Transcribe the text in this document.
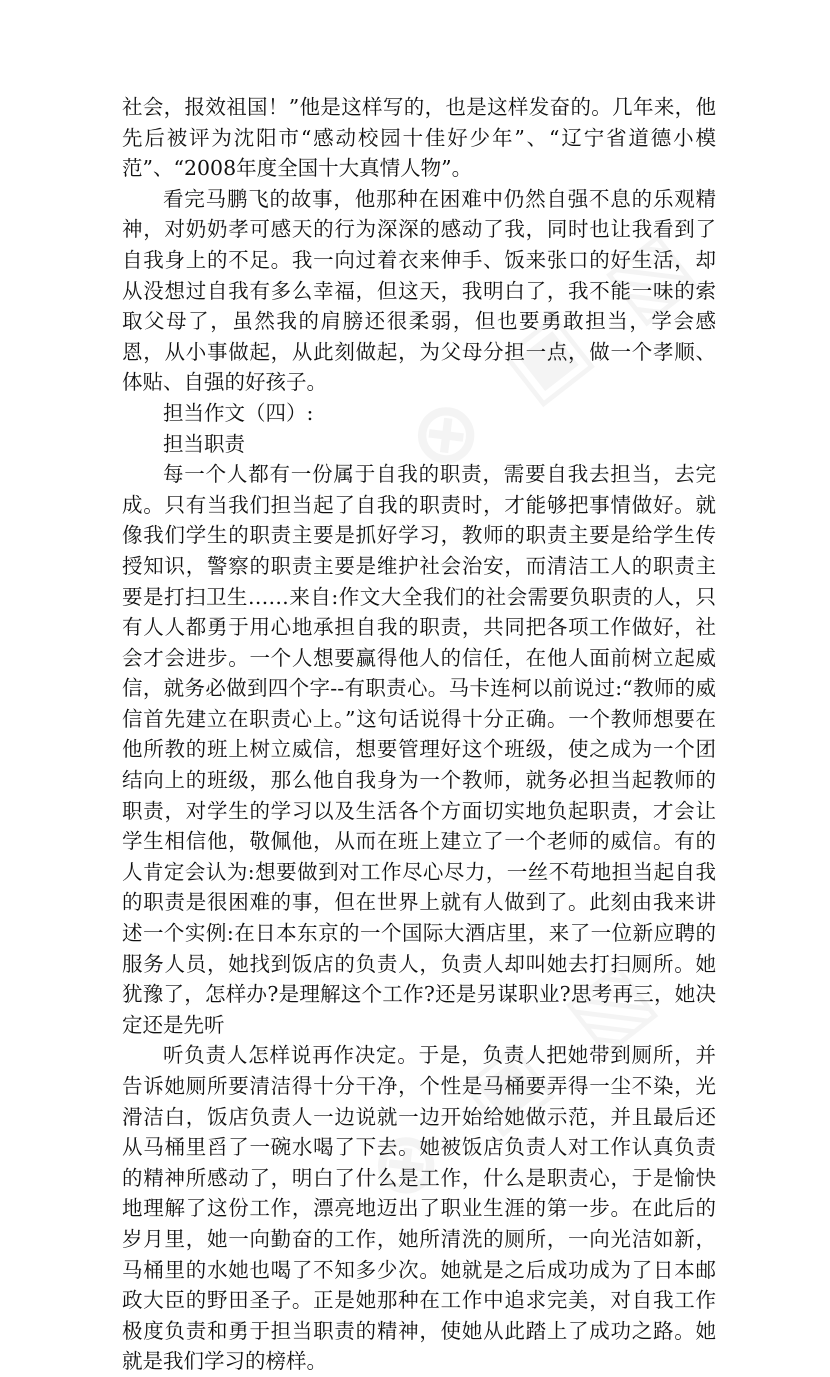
社会，报效祖国！”他是这样写的，也是这样发奋的。几年来，他先后被评为沈阳市“感动校园十佳好少年”、“辽宁省道德小模范”、“2008年度全国十大真情人物”。

看完马鹏飞的故事，他那种在困难中仍然自强不息的乐观精神，对奶奶孝可感天的行为深深的感动了我，同时也让我看到了自我身上的不足。我一向过着衣来伸手、饭来张口的好生活，却从没想过自我有多么幸福，但这天，我明白了，我不能一味的索取父母了，虽然我的肩膀还很柔弱，但也要勇敢担当，学会感恩，从小事做起，从此刻做起，为父母分担一点，做一个孝顺、体贴、自强的好孩子。

担当作文（四）:

担当职责

每一个人都有一份属于自我的职责，需要自我去担当，去完成。只有当我们担当起了自我的职责时，才能够把事情做好。就像我们学生的职责主要是抓好学习，教师的职责主要是给学生传授知识，警察的职责主要是维护社会治安，而清洁工人的职责主要是打扫卫生……来自:作文大全我们的社会需要负职责的人，只有人人都勇于用心地承担自我的职责，共同把各项工作做好，社会才会进步。一个人想要赢得他人的信任，在他人面前树立起威信，就务必做到四个字--有职责心。马卡连柯以前说过:“教师的威信首先建立在职责心上。”这句话说得十分正确。一个教师想要在他所教的班上树立威信，想要管理好这个班级，使之成为一个团结向上的班级，那么他自我身为一个教师，就务必担当起教师的职责，对学生的学习以及生活各个方面切实地负起职责，才会让学生相信他，敬佩他，从而在班上建立了一个老师的威信。有的人肯定会认为:想要做到对工作尽心尽力，一丝不苟地担当起自我的职责是很困难的事，但在世界上就有人做到了。此刻由我来讲述一个实例:在日本东京的一个国际大酒店里，来了一位新应聘的服务人员，她找到饭店的负责人，负责人却叫她去打扫厕所。她犹豫了，怎样办?是理解这个工作?还是另谋职业?思考再三，她决定还是先听

听负责人怎样说再作决定。于是，负责人把她带到厕所，并告诉她厕所要清洁得十分干净，个性是马桶要弄得一尘不染，光滑洁白，饭店负责人一边说就一边开始给她做示范，并且最后还从马桶里舀了一碗水喝了下去。她被饭店负责人对工作认真负责的精神所感动了，明白了什么是工作，什么是职责心，于是愉快地理解了这份工作，漂亮地迈出了职业生涯的第一步。在此后的岁月里，她一向勤奋的工作，她所清洗的厕所，一向光洁如新，马桶里的水她也喝了不知多少次。她就是之后成功成为了日本邮政大臣的野田圣子。正是她那种在工作中追求完美，对自我工作极度负责和勇于担当职责的精神，使她从此踏上了成功之路。她就是我们学习的榜样。
